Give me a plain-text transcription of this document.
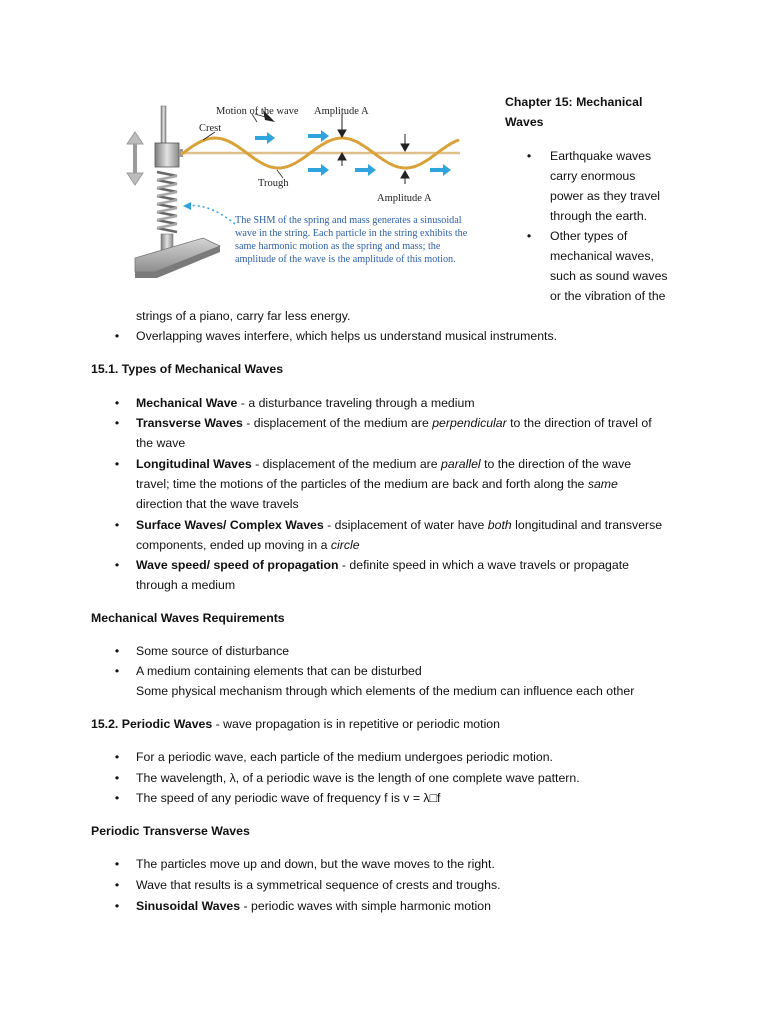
Motion of the wave Amplitude A
Crest
Trough
Amplitude A
The SHM of the spring and mass generates a sinusoidal
wave in the string. Each particle in the string exhibits the
same harmonic motion as the spring and mass; the
amplitude of the wave is the amplitude of this motion.
Chapter 15: Mechanical
Waves
• Earthquake waves
carry enormous
power as they travel
through the earth.
• Other types of
mechanical waves,
such as sound waves
or the vibration of the
strings of a piano, carry far less energy.
• Overlapping waves interfere, which helps us understand musical instruments.
15.1. Types of Mechanical Waves
• Mechanical Wave - a disturbance traveling through a medium
• Transverse Waves - displacement of the medium are perpendicular to the direction of travel of
the wave
• Longitudinal Waves - displacement of the medium are parallel to the direction of the wave
travel; time the motions of the particles of the medium are back and forth along the same
direction that the wave travels
• Surface Waves/ Complex Waves - dsiplacement of water have both longitudinal and transverse
components, ended up moving in a circle
• Wave speed/ speed of propagation - definite speed in which a wave travels or propagate
through a medium
Mechanical Waves Requirements
• Some source of disturbance
• A medium containing elements that can be disturbed
Some physical mechanism through which elements of the medium can influence each other
15.2. Periodic Waves - wave propagation is in repetitive or periodic motion
• For a periodic wave, each particle of the medium undergoes periodic motion.
• The wavelength, λ, of a periodic wave is the length of one complete wave pattern.
• The speed of any periodic wave of frequency f is v = λ□f
Periodic Transverse Waves
• The particles move up and down, but the wave moves to the right.
• Wave that results is a symmetrical sequence of crests and troughs.
• Sinusoidal Waves - periodic waves with simple harmonic motion
